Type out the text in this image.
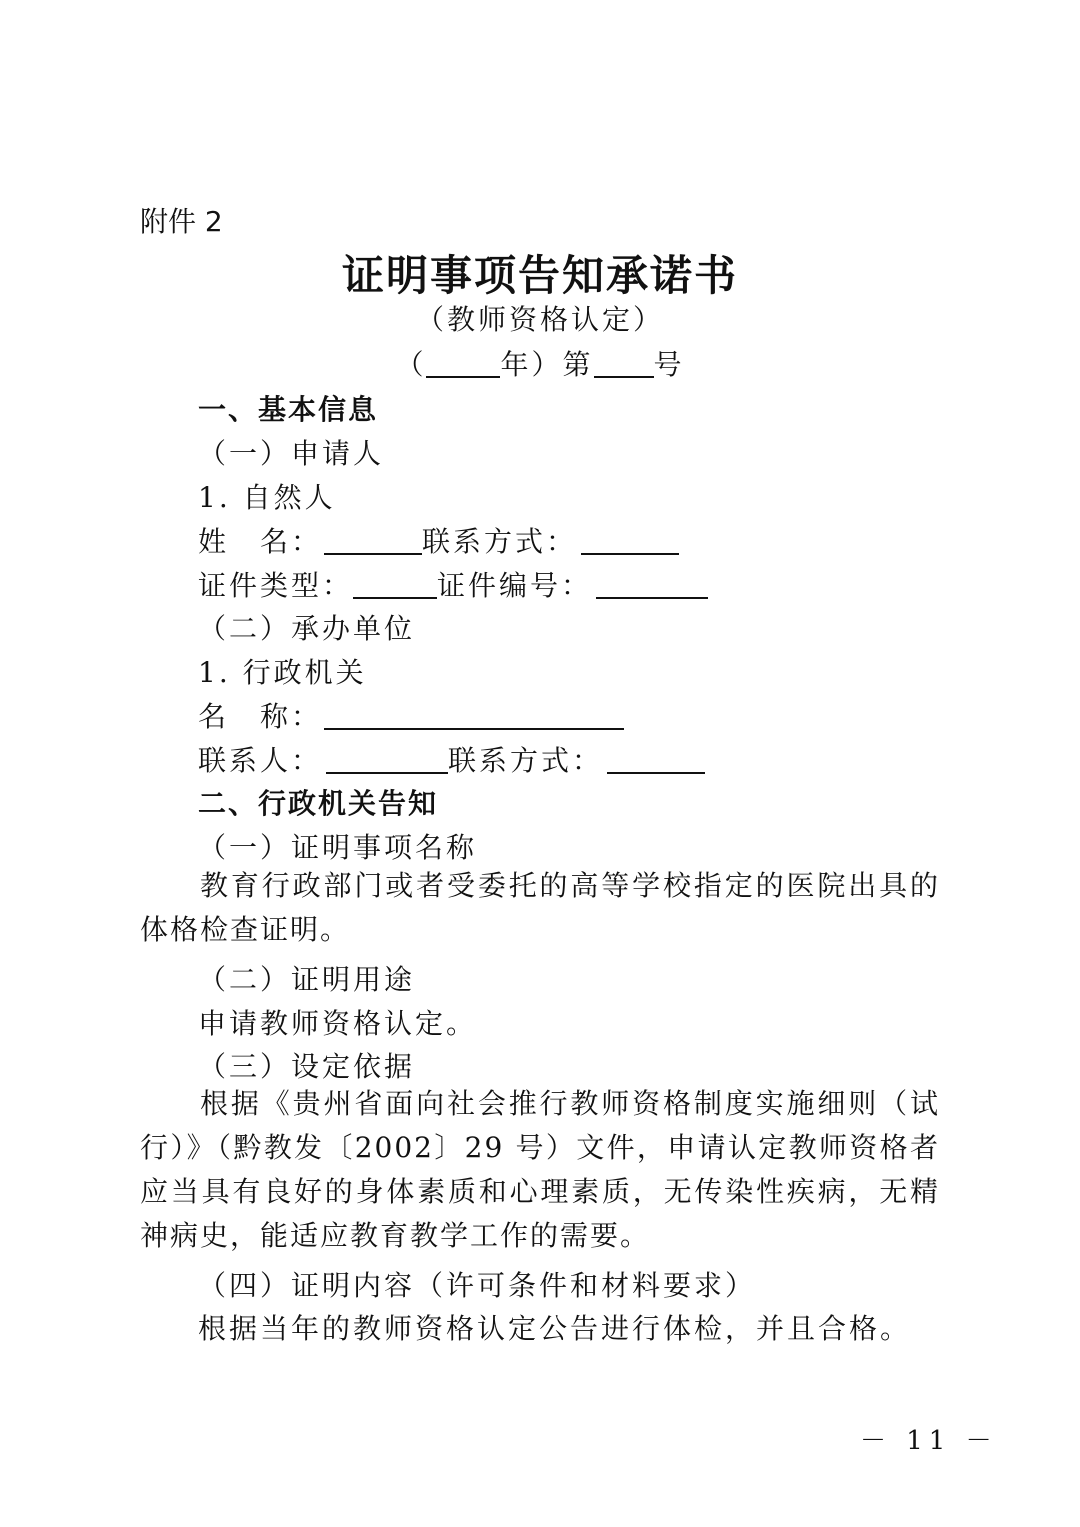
附件 2
证明事项告知承诺书
（教师资格认定）
（	年）第 号
一、基本信息
（一）申请人
1. 自然人
姓　名：	联系方式：
证件类型：	证件编号：
（二）承办单位
1. 行政机关
名　称：
联系人：	联系方式：
二、行政机关告知
（一）证明事项名称
教育行政部门或者受委托的高等学校指定的医院出具的体格检查证明。
（二）证明用途
申请教师资格认定。
（三）设定依据
根据《贵州省面向社会推行教师资格制度实施细则（试行）》（黔教发〔2002〕29 号）文件，申请认定教师资格者应当具有良好的身体素质和心理素质，无传染性疾病，无精神病史，能适应教育教学工作的需要。
（四）证明内容（许可条件和材料要求）
根据当年的教师资格认定公告进行体检，并且合格。
－ 11 －
